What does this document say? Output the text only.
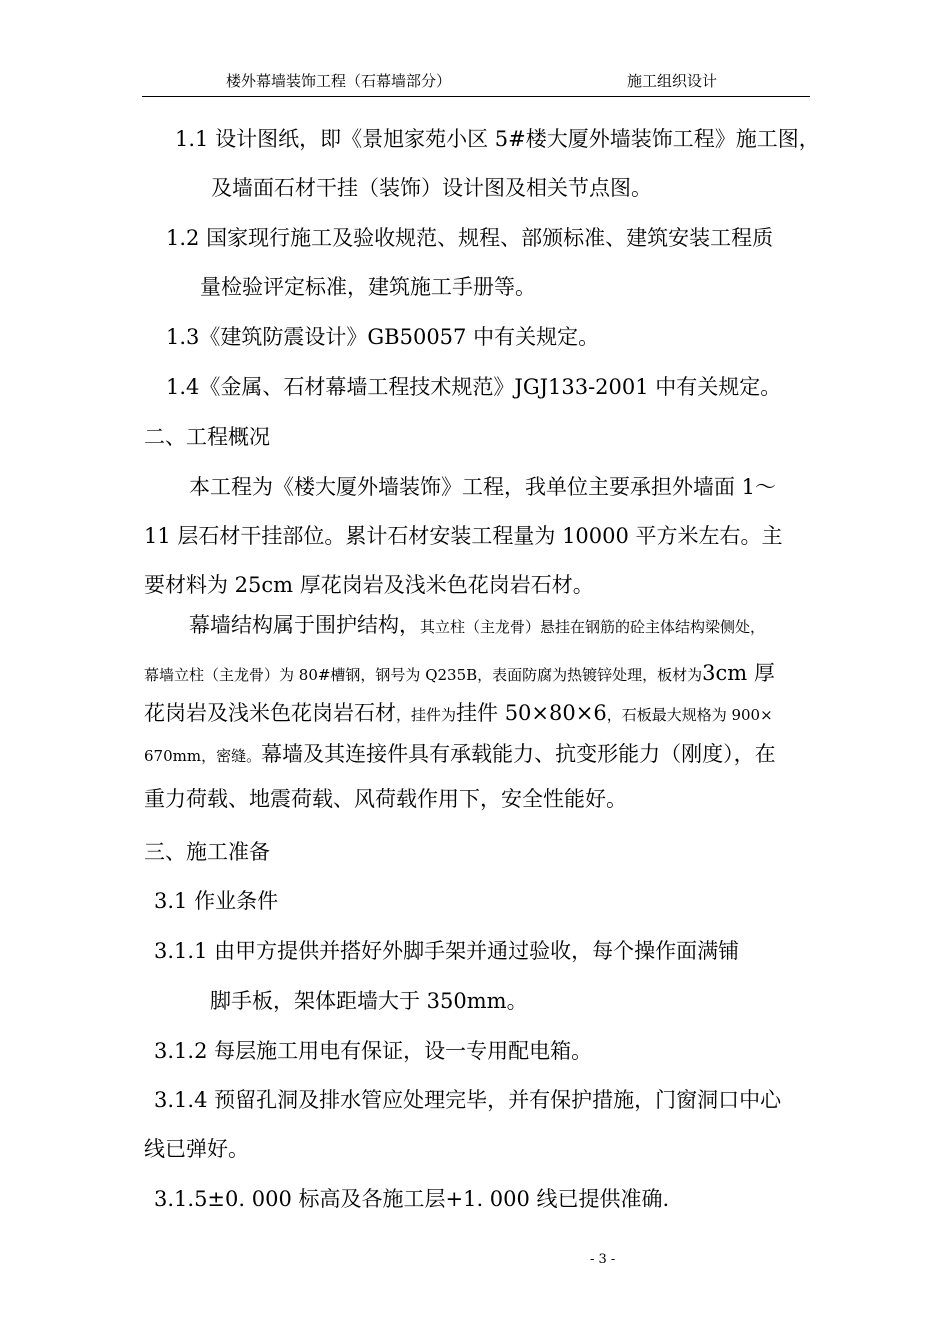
楼外幕墙装饰工程（石幕墙部分）	施工组织设计
1.1 设计图纸，即《景旭家苑小区 5#楼大厦外墙装饰工程》施工图，
及墙面石材干挂（装饰）设计图及相关节点图。
1.2 国家现行施工及验收规范、规程、部颁标准、建筑安装工程质
量检验评定标准，建筑施工手册等。
1.3《建筑防震设计》GB50057 中有关规定。
1.4《金属、石材幕墙工程技术规范》JGJ133-2001 中有关规定。
二、工程概况
本工程为《楼大厦外墙装饰》工程，我单位主要承担外墙面 1～
11 层石材干挂部位。累计石材安装工程量为 10000 平方米左右。主
要材料为 25cm 厚花岗岩及浅米色花岗岩石材。
幕墙结构属于围护结构，其立柱（主龙骨）悬挂在钢筋的砼主体结构梁侧处，
幕墙立柱（主龙骨）为 80#槽钢，钢号为 Q235B，表面防腐为热镀锌处理，板材为3cm 厚
花岗岩及浅米色花岗岩石材，挂件为挂件 50×80×6，石板最大规格为 900×
670mm，密缝。幕墙及其连接件具有承载能力、抗变形能力（刚度），在
重力荷载、地震荷载、风荷载作用下，安全性能好。
三、施工准备
3.1 作业条件
3.1.1 由甲方提供并搭好外脚手架并通过验收，每个操作面满铺
脚手板，架体距墙大于 350mm。
3.1.2 每层施工用电有保证，设一专用配电箱。
3.1.4 预留孔洞及排水管应处理完毕，并有保护措施，门窗洞口中心
线已弹好。
3.1.5±0. 000 标高及各施工层+1. 000 线已提供准确.
- 3 -
